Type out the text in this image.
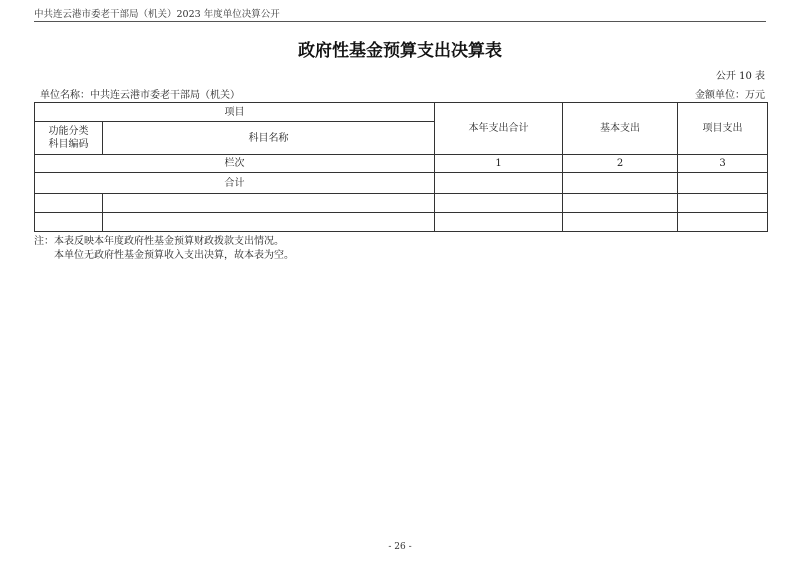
中共连云港市委老干部局（机关）2023 年度单位决算公开
政府性基金预算支出决算表
公开 10 表
单位名称：中共连云港市委老干部局（机关）	金额单位：万元
项目		本年支出合计	基本支出	项目支出
功能分类
科目编码	科目名称			
栏次		1	2	3
合计				

注：本表反映本年度政府性基金预算财政拨款支出情况。
本单位无政府性基金预算收入支出决算，故本表为空。
- 26 -
